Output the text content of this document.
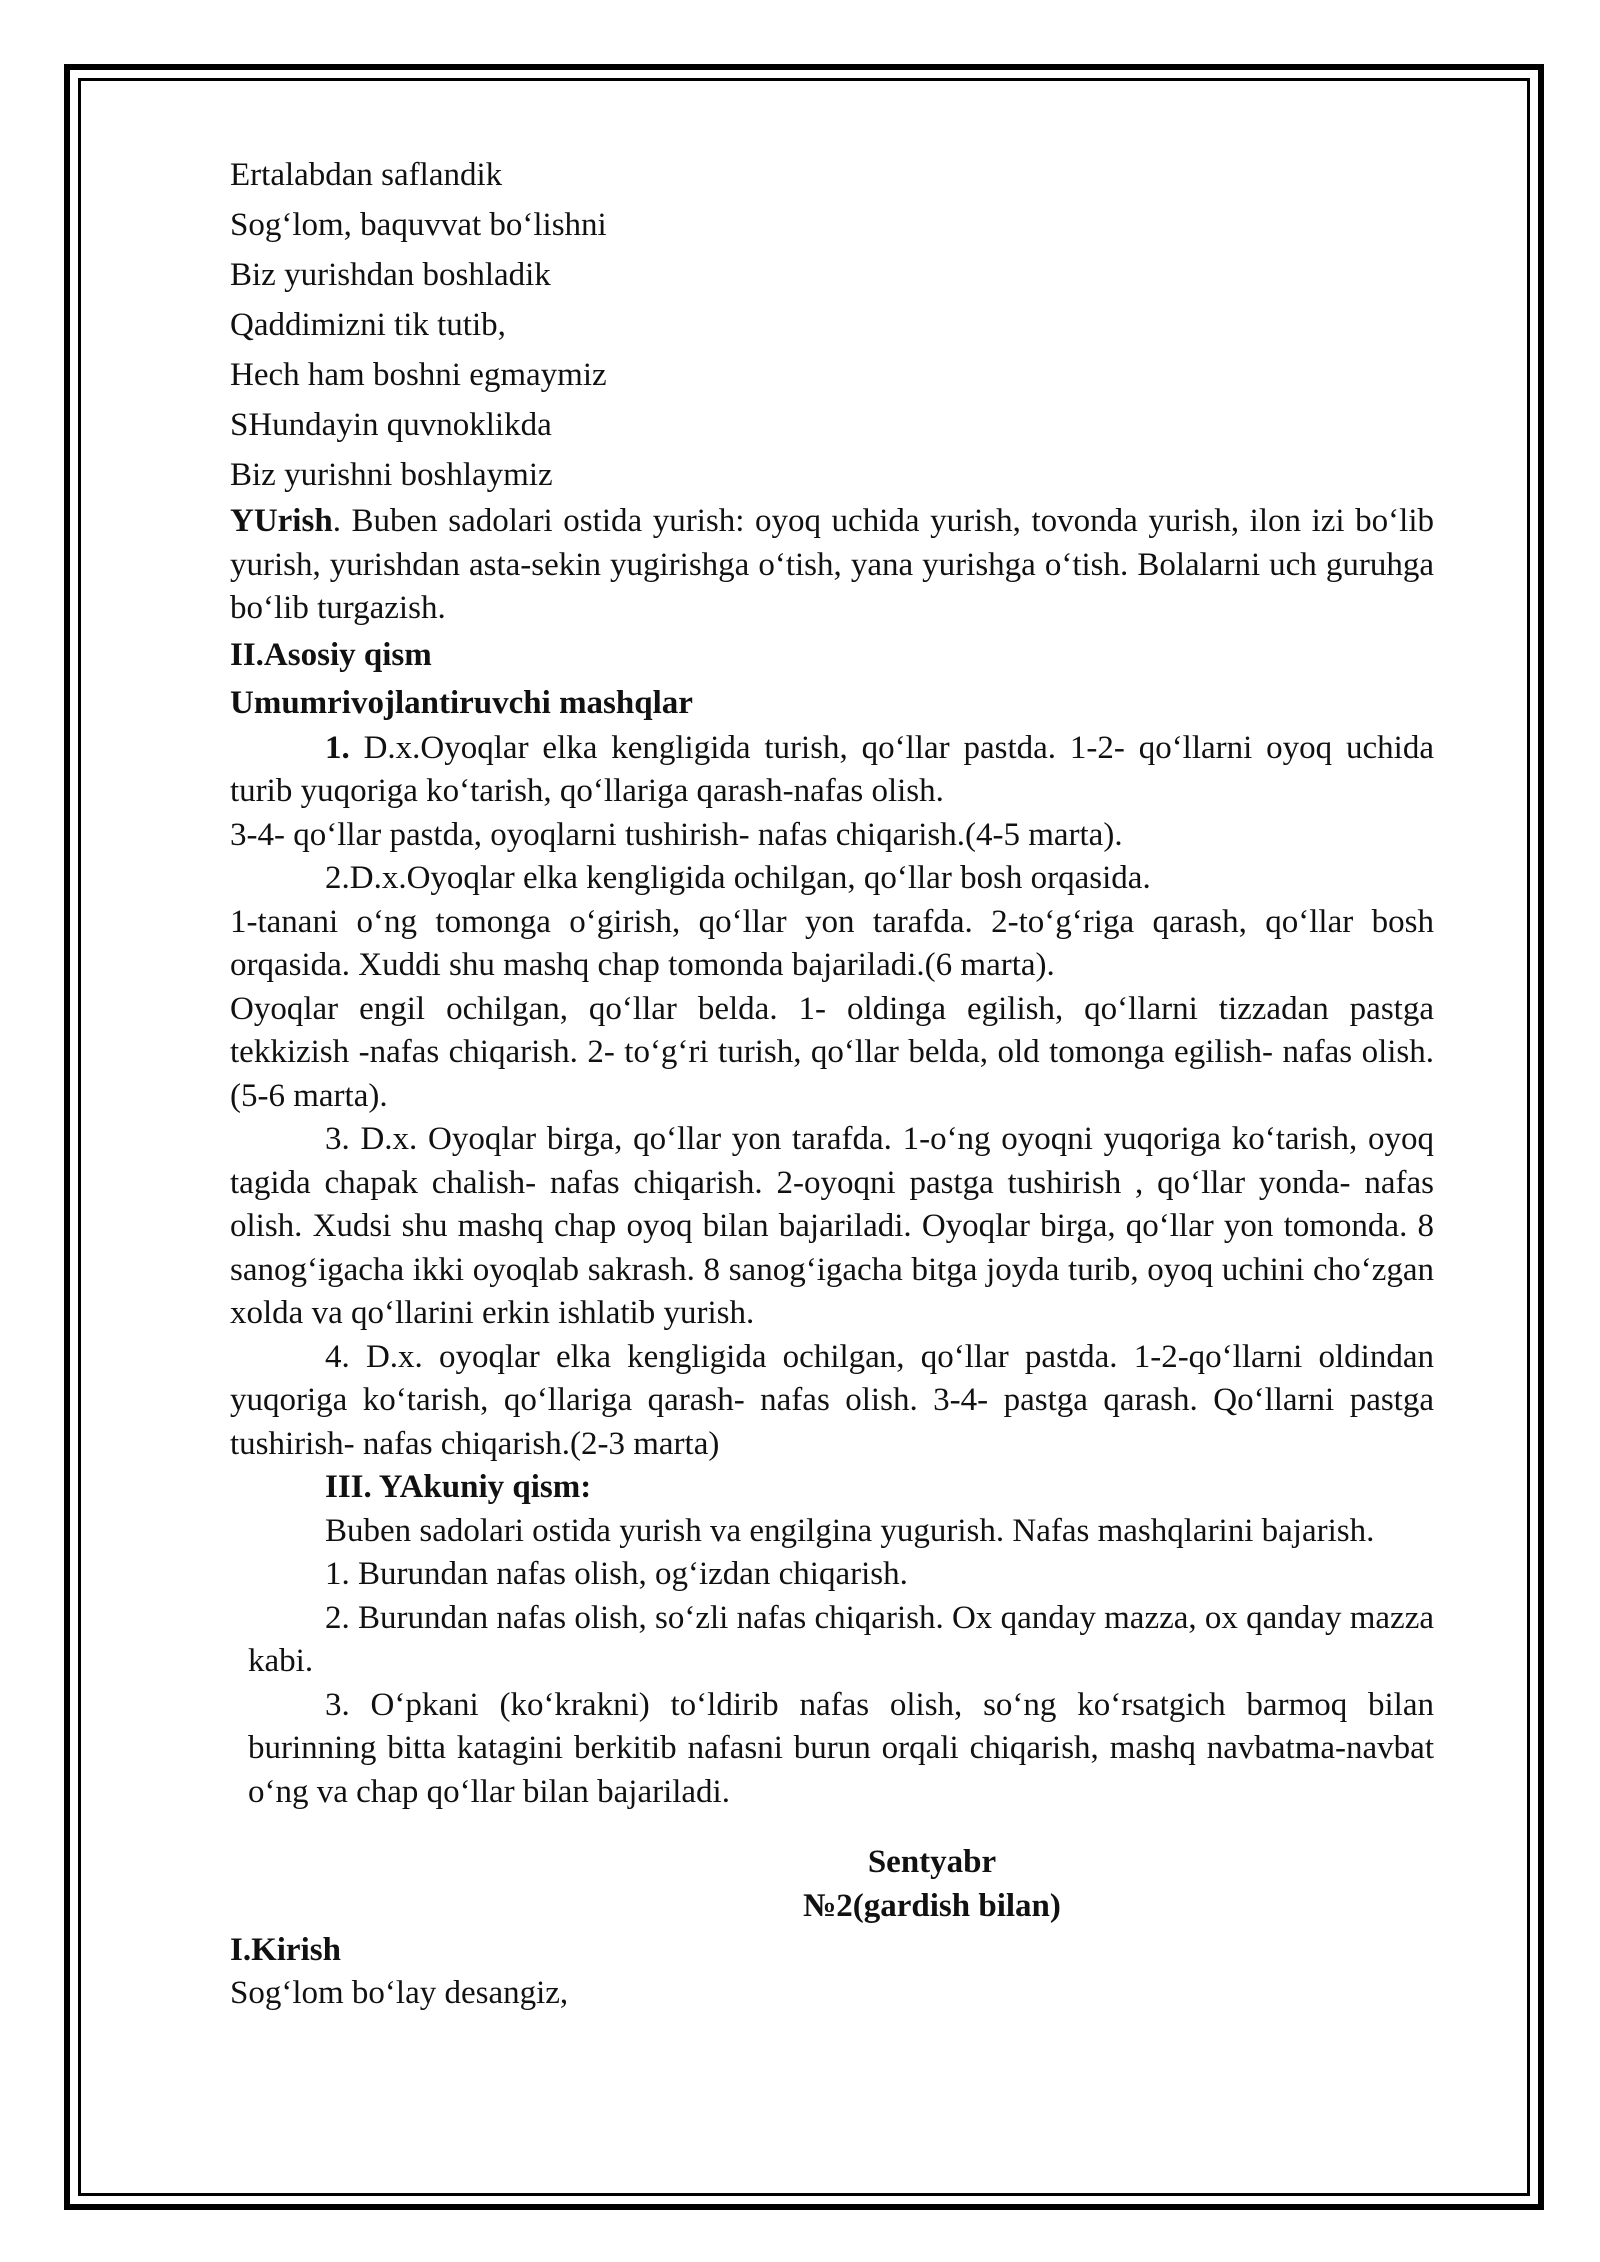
Ertalabdan saflandik

Sog‘lom, baquvvat bo‘lishni

Biz yurishdan boshladik

Qaddimizni tik tutib,

Hech ham boshni egmaymiz

SHundayin quvnoklikda

Biz yurishni boshlaymiz

YUrish. Buben sadolari ostida yurish: oyoq uchida yurish, tovonda yurish, ilon izi bo‘lib yurish, yurishdan asta-sekin yugirishga o‘tish, yana yurishga o‘tish. Bolalarni uch guruhga bo‘lib turgazish.

II.Asosiy qism

Umumrivojlantiruvchi mashqlar

1. D.x.Oyoqlar elka kengligida turish, qo‘llar pastda. 1-2- qo‘llarni oyoq uchida turib yuqoriga ko‘tarish, qo‘llariga qarash-nafas olish.

3-4- qo‘llar pastda, oyoqlarni tushirish- nafas chiqarish.(4-5 marta).

2.D.x.Oyoqlar elka kengligida ochilgan, qo‘llar bosh orqasida.

1-tanani o‘ng tomonga o‘girish, qo‘llar yon tarafda. 2-to‘g‘riga qarash, qo‘llar bosh orqasida. Xuddi shu mashq chap tomonda bajariladi.(6 marta).

Oyoqlar engil ochilgan, qo‘llar belda. 1- oldinga egilish, qo‘llarni tizzadan pastga tekkizish -nafas chiqarish. 2- to‘g‘ri turish, qo‘llar belda, old tomonga egilish- nafas olish.(5-6 marta).

3. D.x. Oyoqlar birga, qo‘llar yon tarafda. 1-o‘ng oyoqni yuqoriga ko‘tarish, oyoq tagida chapak chalish- nafas chiqarish. 2-oyoqni pastga tushirish , qo‘llar yonda- nafas olish. Xudsi shu mashq chap oyoq bilan bajariladi. Oyoqlar birga, qo‘llar yon tomonda. 8 sanog‘igacha ikki oyoqlab sakrash. 8 sanog‘igacha bitga joyda turib, oyoq uchini cho‘zgan xolda va qo‘llarini erkin ishlatib yurish.

4. D.x. oyoqlar elka kengligida ochilgan, qo‘llar pastda. 1-2-qo‘llarni oldindan yuqoriga ko‘tarish, qo‘llariga qarash- nafas olish. 3-4- pastga qarash. Qo‘llarni pastga tushirish- nafas chiqarish.(2-3 marta)

III. YAkuniy qism:

Buben sadolari ostida yurish va engilgina yugurish. Nafas mashqlarini bajarish.

1. Burundan nafas olish, og‘izdan chiqarish.

2. Burundan nafas olish, so‘zli nafas chiqarish. Ox qanday mazza, ox qanday mazza kabi.

3. O‘pkani (ko‘krakni) to‘ldirib nafas olish, so‘ng ko‘rsatgich barmoq bilan burinning bitta katagini berkitib nafasni burun orqali chiqarish, mashq navbatma-navbat o‘ng va chap qo‘llar bilan bajariladi.

Sentyabr

№2(gardish bilan)

I.Kirish

Sog‘lom bo‘lay desangiz,
